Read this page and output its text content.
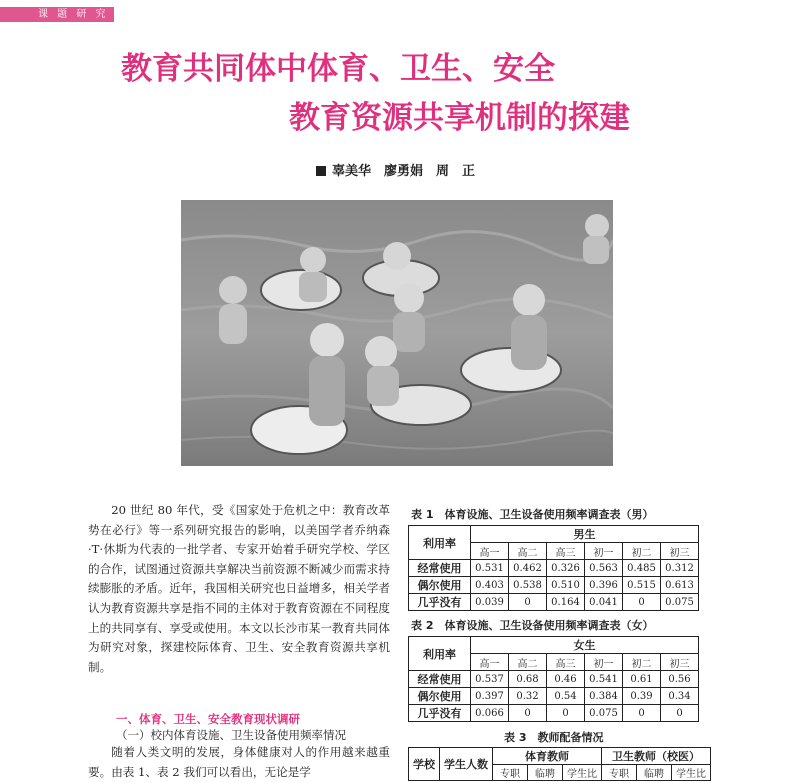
课 题 研 究
教育共同体中体育、卫生、安全
教育资源共享机制的探建
辜美华　廖勇娟　周　正

20 世纪 80 年代，受《国家处于危机之中：教育改革势在必行》等一系列研究报告的影响，以美国学者乔纳森·T·休斯为代表的一批学者、专家开始着手研究学校、学区的合作，试图通过资源共享解决当前资源不断减少而需求持续膨胀的矛盾。近年，我国相关研究也日益增多，相关学者认为教育资源共享是指不同的主体对于教育资源在不同程度上的共同享有、享受或使用。本文以长沙市某一教育共同体为研究对象，探建校际体育、卫生、安全教育资源共享机制。

一、体育、卫生、安全教育现状调研
（一）校内体育设施、卫生设备使用频率情况

随着人类文明的发展，身体健康对人的作用越来越重要。由表 1、表 2 我们可以看出，无论是学

表 1　体育设施、卫生设备使用频率调查表（男）
利用率	男生					
	高一	高二	高三	初一	初二	初三
经常使用	0.531	0.462	0.326	0.563	0.485	0.312
偶尔使用	0.403	0.538	0.510	0.396	0.515	0.613
几乎没有	0.039	0	0.164	0.041	0	0.075
表 2　体育设施、卫生设备使用频率调查表（女）
利用率	女生					
	高一	高二	高三	初一	初二	初三
经常使用	0.537	0.68	0.46	0.541	0.61	0.56
偶尔使用	0.397	0.32	0.54	0.384	0.39	0.34
几乎没有	0.066	0	0	0.075	0	0
表 3　教师配备情况
学校	学生人数	体育教师			卫生教师（校医）		
		专职	临聘	学生比	专职	临聘	学生比
